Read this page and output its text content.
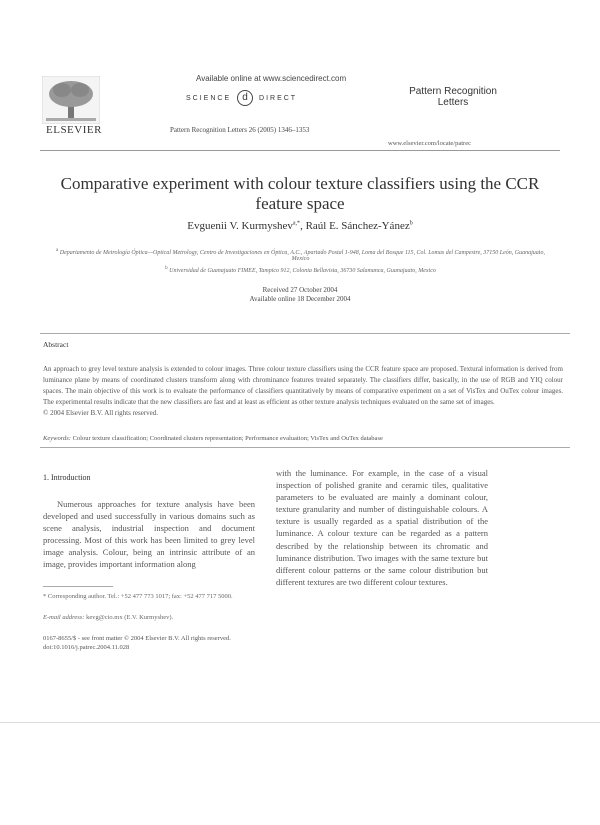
ELSEVIER
Available online at www.sciencedirect.com
SCIENCE d DIRECT
Pattern Recognition Letters 26 (2005) 1346–1353
Pattern Recognition Letters
www.elsevier.com/locate/patrec
Comparative experiment with colour texture classifiers using the CCR feature space
Evguenii V. Kurmyshev$^{a,*}$, Raúl E. Sánchez-Yánez$^b$
$^a$ Departamento de Metrología Óptica—Optical Metrology, Centro de Investigaciones en Óptica, A.C., Apartado Postal 1-948, Loma del Bosque 115, Col. Lomas del Campestre, 37150 León, Guanajuato, Mexico
$^b$ Universidad de Guanajuato FIMEE, Tampico 912, Colonia Bellavista, 36730 Salamanca, Guanajuato, Mexico
Received 27 October 2004
Available online 18 December 2004
Abstract
An approach to grey level texture analysis is extended to colour images. Three colour texture classifiers using the CCR feature space are proposed. Textural information is derived from luminance plane by means of coordinated clusters transform along with chrominance features treated separately. The classifiers differ, basically, in the use of RGB and YIQ colour spaces. The main objective of this work is to evaluate the performance of classifiers quantitatively by means of comparative experiment on a set of VisTex and OuTex colour images. The experimental results indicate that the new classifiers are fast and at least as efficient as other texture analysis techniques evaluated on the same set of images.
© 2004 Elsevier B.V. All rights reserved.
Keywords: Colour texture classification; Coordinated clusters representation; Performance evaluation; VisTex and OuTex database
1. Introduction
Numerous approaches for texture analysis have been developed and used successfully in various domains such as scene analysis, industrial inspection and document processing. Most of this work has been limited to grey level image analysis. Colour, being an intrinsic attribute of an image, provides important information along
with the luminance. For example, in the case of a visual inspection of polished granite and ceramic tiles, qualitative parameters to be evaluated are mainly a dominant colour, texture granularity and number of distinguishable colours. A texture is usually regarded as a spatial distribution of the luminance. A colour texture can be regarded as a pattern described by the relationship between its chromatic and luminance distribution. Two images with the same texture but different colour patterns or the same colour distribution but different textures are two different colour textures.
* Corresponding author. Tel.: +52 477 773 1017; fax: +52 477 717 5000.
E-mail address: kevg@cio.mx (E.V. Kurmyshev).
0167-8655/$ - see front matter © 2004 Elsevier B.V. All rights reserved.
doi:10.1016/j.patrec.2004.11.028
